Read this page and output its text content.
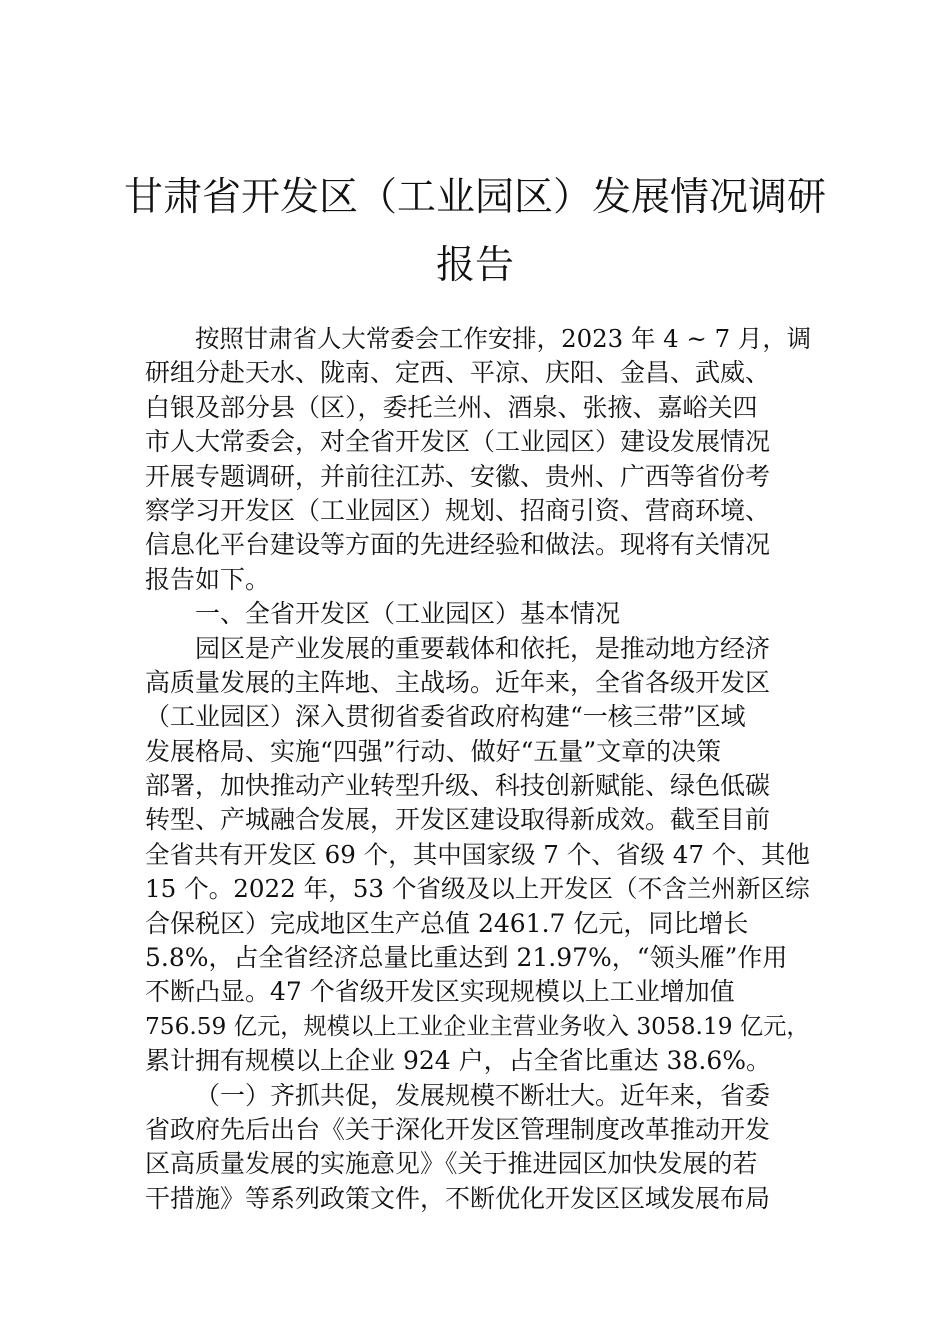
甘肃省开发区（工业园区）发展情况调研
报告
按照甘肃省人大常委会工作安排，2023 年 4 ~ 7 月，调
研组分赴天水、陇南、定西、平凉、庆阳、金昌、武威、
白银及部分县（区），委托兰州、酒泉、张掖、嘉峪关四
市人大常委会，对全省开发区（工业园区）建设发展情况
开展专题调研，并前往江苏、安徽、贵州、广西等省份考
察学习开发区（工业园区）规划、招商引资、营商环境、
信息化平台建设等方面的先进经验和做法。现将有关情况
报告如下。
一、全省开发区（工业园区）基本情况
园区是产业发展的重要载体和依托，是推动地方经济
高质量发展的主阵地、主战场。近年来，全省各级开发区
（工业园区）深入贯彻省委省政府构建“一核三带”区域
发展格局、实施“四强”行动、做好“五量”文章的决策
部署，加快推动产业转型升级、科技创新赋能、绿色低碳
转型、产城融合发展，开发区建设取得新成效。截至目前
全省共有开发区 69 个，其中国家级 7 个、省级 47 个、其他
15 个。2022 年，53 个省级及以上开发区（不含兰州新区综
合保税区）完成地区生产总值 2461.7 亿元，同比增长
5.8%，占全省经济总量比重达到 21.97%，“领头雁”作用
不断凸显。47 个省级开发区实现规模以上工业增加值
756.59 亿元，规模以上工业企业主营业务收入 3058.19 亿元，
累计拥有规模以上企业 924 户，占全省比重达 38.6%。
（一）齐抓共促，发展规模不断壮大。近年来，省委
省政府先后出台《关于深化开发区管理制度改革推动开发
区高质量发展的实施意见》《关于推进园区加快发展的若
干措施》等系列政策文件，不断优化开发区区域发展布局
